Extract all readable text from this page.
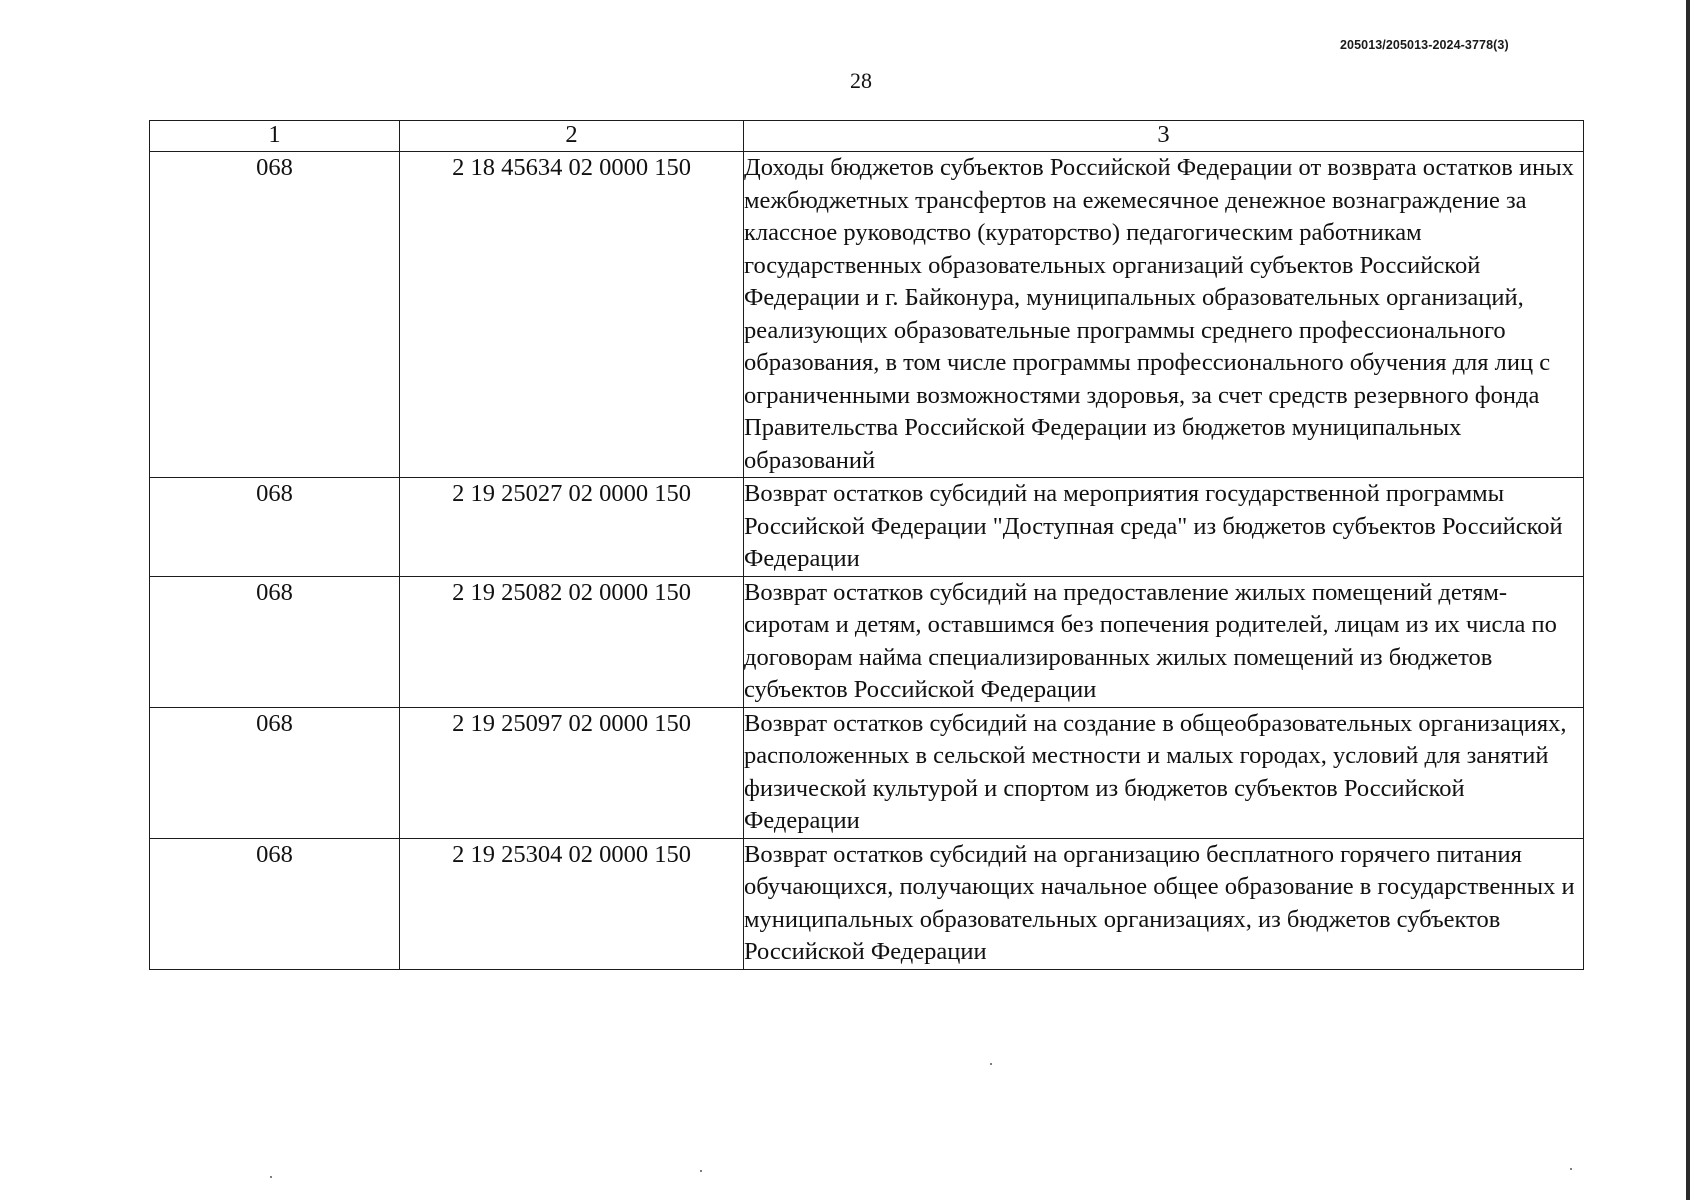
205013/205013-2024-3778(3)
28
1	2	3
068	2 18 45634 02 0000 150	Доходы бюджетов субъектов Российской Федерации от возврата остатков иных межбюджетных трансфертов на ежемесячное денежное вознаграждение за классное руководство (кураторство) педагогическим работникам государственных образовательных организаций субъектов Российской Федерации и г. Байконура, муниципальных образовательных организаций, реализующих образовательные программы среднего профессионального образования, в том числе программы профессионального обучения для лиц с ограниченными возможностями здоровья, за счет средств резервного фонда Правительства Российской Федерации из бюджетов муниципальных образований
068	2 19 25027 02 0000 150	Возврат остатков субсидий на мероприятия государственной программы Российской Федерации "Доступная среда" из бюджетов субъектов Российской Федерации
068	2 19 25082 02 0000 150	Возврат остатков субсидий на предоставление жилых помещений детям-сиротам и детям, оставшимся без попечения родителей, лицам из их числа по договорам найма специализированных жилых помещений из бюджетов субъектов Российской Федерации
068	2 19 25097 02 0000 150	Возврат остатков субсидий на создание в общеобразовательных организациях, расположенных в сельской местности и малых городах, условий для занятий физической культурой и спортом из бюджетов субъектов Российской Федерации
068	2 19 25304 02 0000 150	Возврат остатков субсидий на организацию бесплатного горячего питания обучающихся, получающих начальное общее образование в государственных и муниципальных образовательных организациях, из бюджетов субъектов Российской Федерации
